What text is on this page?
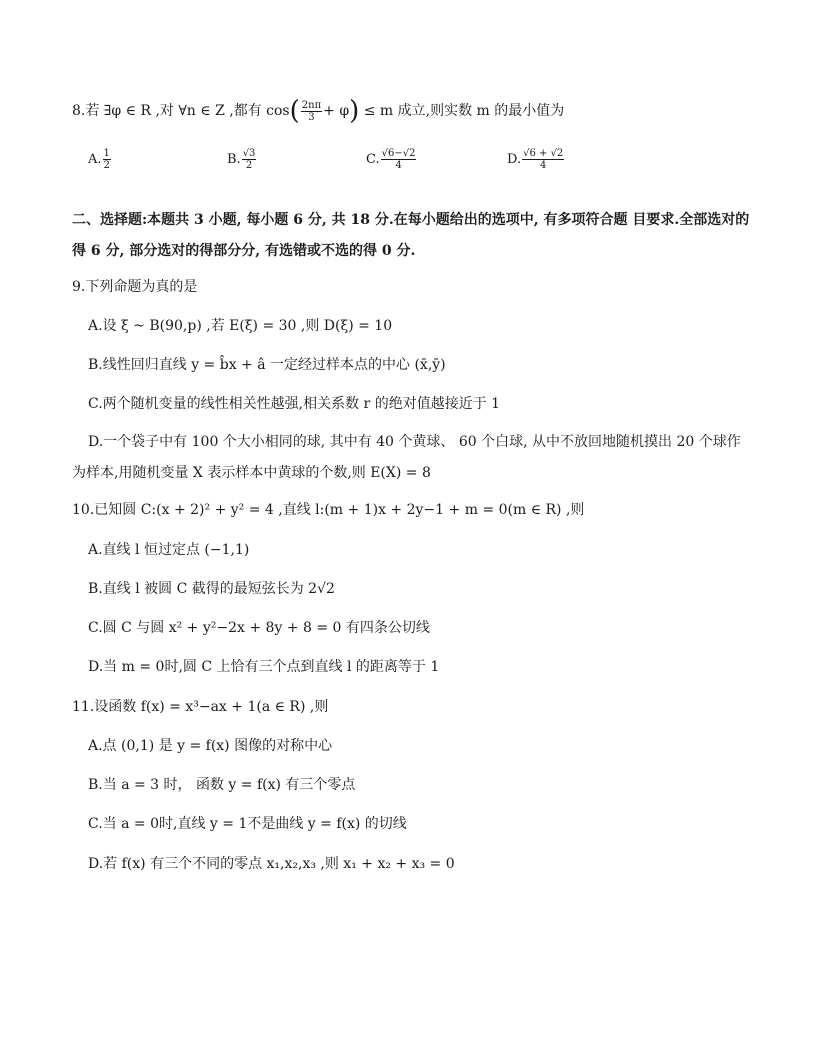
8.若 ∃φ ∈ R ,对 ∀n ∈ Z ,都有 cos ( $\frac{2n\pi}{3} + \varphi$ ) ≤ m 成立,则实数 m 的最小值为
A. $\frac{1}{2}$	B. $\frac{√3}{2}$	C. $\frac{√6-√2}{4}$	D. $\frac{√6 + √2}{4}$
二、选择题:本题共 3 小题, 每小题 6 分, 共 18 分.在每小题给出的选项中, 有多项符合题 目要求.全部选对的得 6 分, 部分选对的得部分分, 有选错或不选的得 0 分.
9.下列命题为真的是
A.设 ξ ~ B(90,p) ,若 E(ξ) = 30 ,则 D(ξ) = 10
B.线性回归直线 y = b̂x + â 一定经过样本点的中心 (x̄,ȳ)
C.两个随机变量的线性相关性越强,相关系数 r 的绝对值越接近于 1
D.一个袋子中有 100 个大小相同的球, 其中有 40 个黄球、 60 个白球, 从中不放回地随机摸出 20 个球作为样本,用随机变量 X 表示样本中黄球的个数,则 E(X) = 8
10.已知圆 C:(x + 2)² + y² = 4 ,直线 l:(m + 1)x + 2y−1 + m = 0(m ∈ R) ,则
A.直线 l 恒过定点 (−1,1)
B.直线 l 被圆 C 截得的最短弦长为 2√2
C.圆 C 与圆 x² + y²−2x + 8y + 8 = 0 有四条公切线
D.当 m = 0时,圆 C 上恰有三个点到直线 l 的距离等于 1
11.设函数 f(x) = x³−ax + 1(a ∈ R) ,则
A.点 (0,1) 是 y = f(x) 图像的对称中心
B.当 a = 3 时， 函数 y = f(x) 有三个零点
C.当 a = 0时,直线 y = 1不是曲线 y = f(x) 的切线
D.若 f(x) 有三个不同的零点 x₁,x₂,x₃ ,则 x₁ + x₂ + x₃ = 0
